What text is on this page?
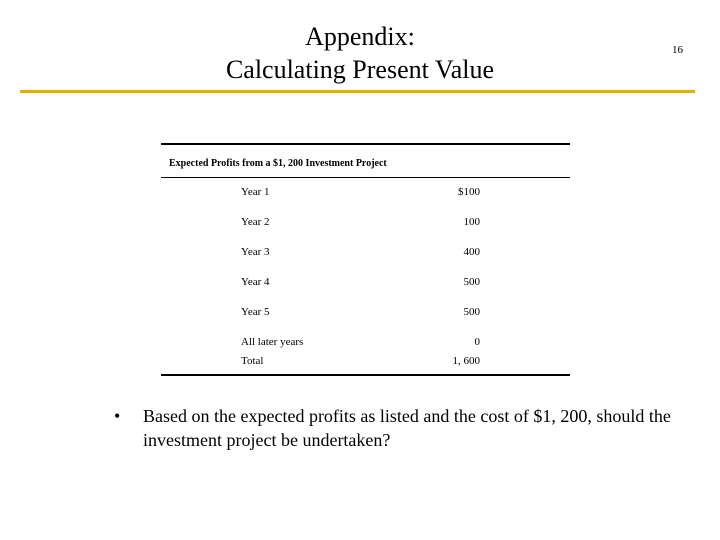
Appendix:
Calculating Present Value
16
Expected Profits from a $1, 200 Investment Project
Year 1	$100
Year 2	100
Year 3	400
Year 4	500
Year 5	500
All later years	0
Total	1, 600
• Based on the expected profits as listed and the cost of $1, 200, should the investment project be undertaken?
